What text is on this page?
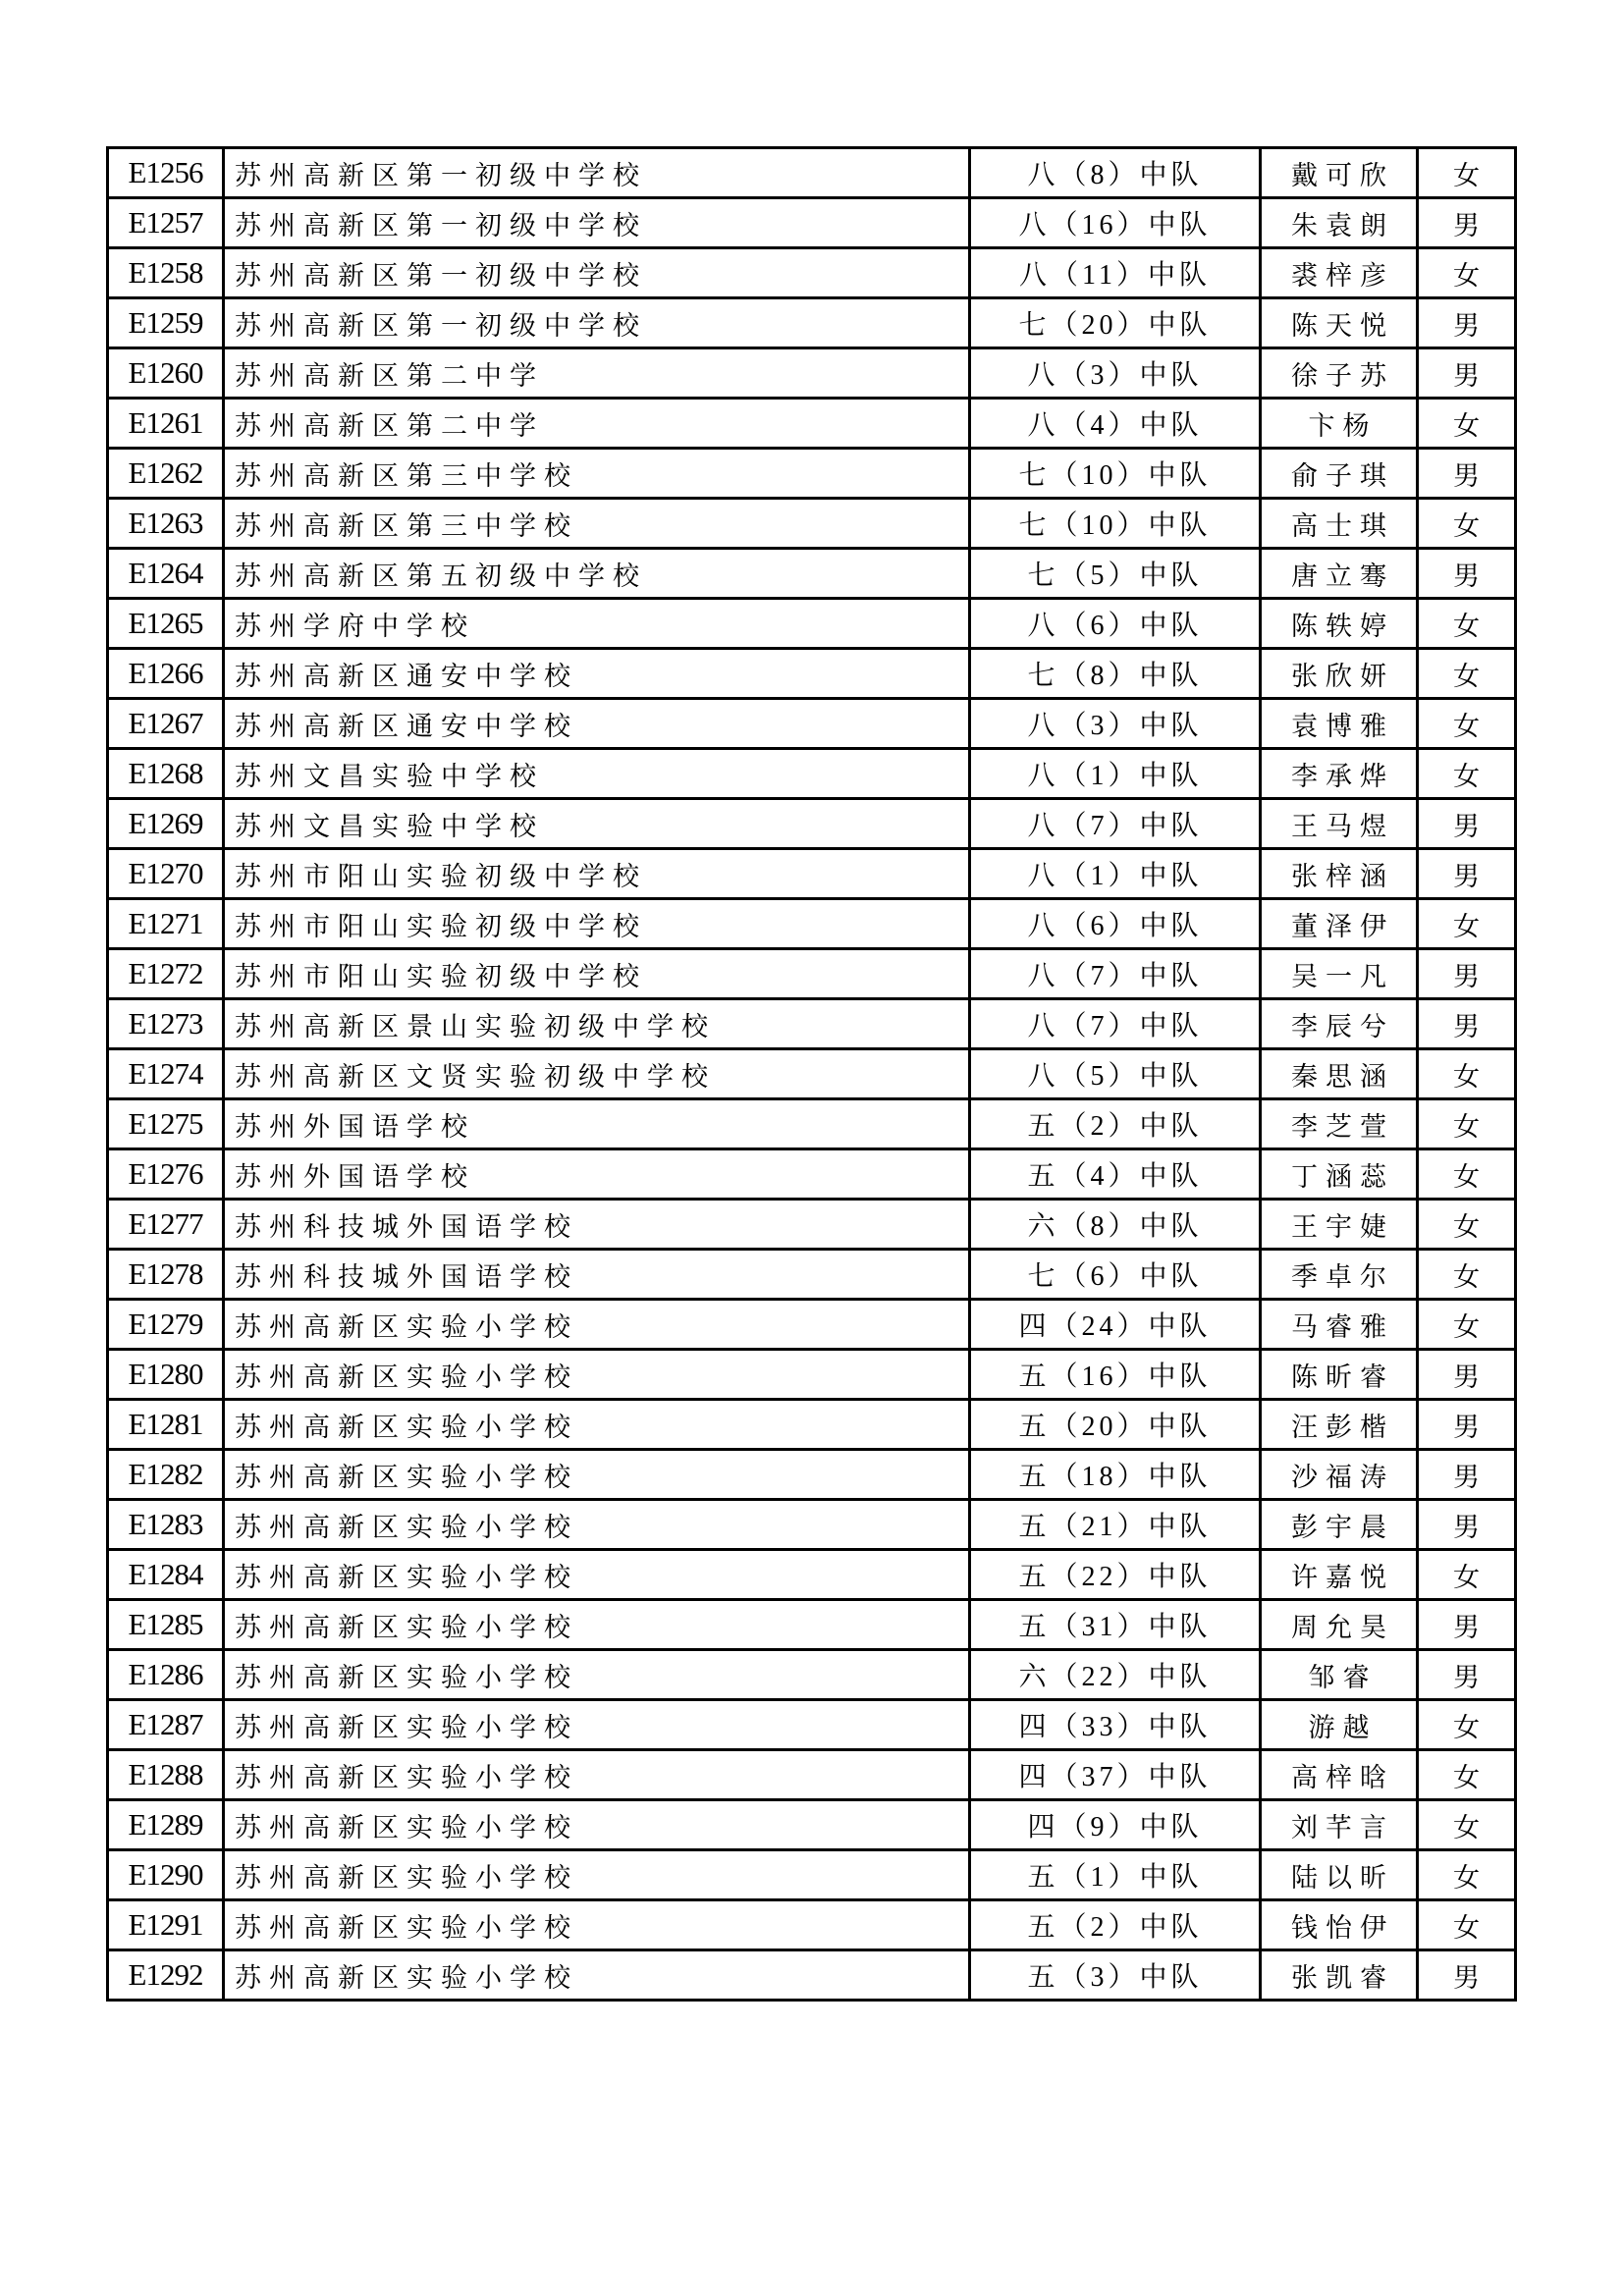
E1256	苏州高新区第一初级中学校	八（8）中队	戴可欣	女
E1257	苏州高新区第一初级中学校	八（16）中队	朱袁朗	男
E1258	苏州高新区第一初级中学校	八（11）中队	裘梓彦	女
E1259	苏州高新区第一初级中学校	七（20）中队	陈天悦	男
E1260	苏州高新区第二中学	八（3）中队	徐子苏	男
E1261	苏州高新区第二中学	八（4）中队	卞杨	女
E1262	苏州高新区第三中学校	七（10）中队	俞子琪	男
E1263	苏州高新区第三中学校	七（10）中队	高士琪	女
E1264	苏州高新区第五初级中学校	七（5）中队	唐立骞	男
E1265	苏州学府中学校	八（6）中队	陈轶婷	女
E1266	苏州高新区通安中学校	七（8）中队	张欣妍	女
E1267	苏州高新区通安中学校	八（3）中队	袁博雅	女
E1268	苏州文昌实验中学校	八（1）中队	李承烨	女
E1269	苏州文昌实验中学校	八（7）中队	王马煜	男
E1270	苏州市阳山实验初级中学校	八（1）中队	张梓涵	男
E1271	苏州市阳山实验初级中学校	八（6）中队	董泽伊	女
E1272	苏州市阳山实验初级中学校	八（7）中队	吴一凡	男
E1273	苏州高新区景山实验初级中学校	八（7）中队	李辰兮	男
E1274	苏州高新区文贤实验初级中学校	八（5）中队	秦思涵	女
E1275	苏州外国语学校	五（2）中队	李芝萱	女
E1276	苏州外国语学校	五（4）中队	丁涵蕊	女
E1277	苏州科技城外国语学校	六（8）中队	王宇婕	女
E1278	苏州科技城外国语学校	七（6）中队	季卓尔	女
E1279	苏州高新区实验小学校	四（24）中队	马睿雅	女
E1280	苏州高新区实验小学校	五（16）中队	陈昕睿	男
E1281	苏州高新区实验小学校	五（20）中队	汪彭楷	男
E1282	苏州高新区实验小学校	五（18）中队	沙福涛	男
E1283	苏州高新区实验小学校	五（21）中队	彭宇晨	男
E1284	苏州高新区实验小学校	五（22）中队	许嘉悦	女
E1285	苏州高新区实验小学校	五（31）中队	周允昊	男
E1286	苏州高新区实验小学校	六（22）中队	邹睿	男
E1287	苏州高新区实验小学校	四（33）中队	游越	女
E1288	苏州高新区实验小学校	四（37）中队	高梓晗	女
E1289	苏州高新区实验小学校	四（9）中队	刘芊言	女
E1290	苏州高新区实验小学校	五（1）中队	陆以昕	女
E1291	苏州高新区实验小学校	五（2）中队	钱怡伊	女
E1292	苏州高新区实验小学校	五（3）中队	张凯睿	男
